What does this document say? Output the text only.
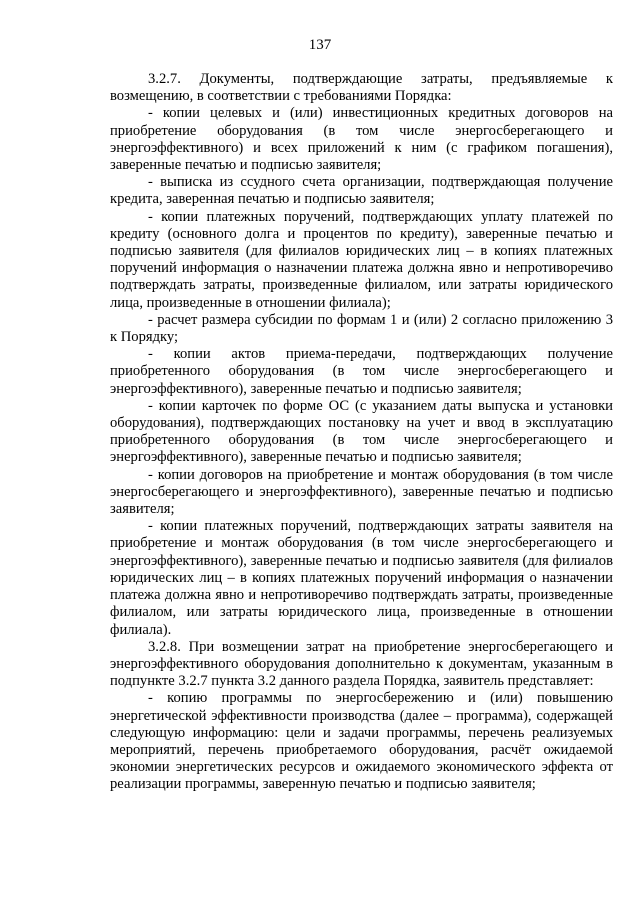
137

3.2.7. Документы, подтверждающие затраты, предъявляемые к возмещению, в соответствии с требованиями Порядка:

- копии целевых и (или) инвестиционных кредитных договоров на приобретение оборудования (в том числе энергосберегающего и энергоэффективного) и всех приложений к ним (с графиком погашения), заверенные печатью и подписью заявителя;

- выписка из ссудного счета организации, подтверждающая получение кредита, заверенная печатью и подписью заявителя;

- копии платежных поручений, подтверждающих уплату платежей по кредиту (основного долга и процентов по кредиту), заверенные печатью и подписью заявителя (для филиалов юридических лиц – в копиях платежных поручений информация о назначении платежа должна явно и непротиворечиво подтверждать затраты, произведенные филиалом, или затраты юридического лица, произведенные в отношении филиала);

- расчет размера субсидии по формам 1 и (или) 2 согласно приложению 3 к Порядку;

- копии актов приема-передачи, подтверждающих получение приобретенного оборудования (в том числе энергосберегающего и энергоэффективного), заверенные печатью и подписью заявителя;

- копии карточек по форме ОС (с указанием даты выпуска и установки оборудования), подтверждающих постановку на учет и ввод в эксплуатацию приобретенного оборудования (в том числе энергосберегающего и энергоэффективного), заверенные печатью и подписью заявителя;

- копии договоров на приобретение и монтаж оборудования (в том числе энергосберегающего и энергоэффективного), заверенные печатью и подписью заявителя;

- копии платежных поручений, подтверждающих затраты заявителя на приобретение и монтаж оборудования (в том числе энергосберегающего и энергоэффективного), заверенные печатью и подписью заявителя (для филиалов юридических лиц – в копиях платежных поручений информация о назначении платежа должна явно и непротиворечиво подтверждать затраты, произведенные филиалом, или затраты юридического лица, произведенные в отношении филиала).

3.2.8. При возмещении затрат на приобретение энергосберегающего и энергоэффективного оборудования дополнительно к документам, указанным в подпункте 3.2.7 пункта 3.2 данного раздела Порядка, заявитель представляет:

- копию программы по энергосбережению и (или) повышению энергетической эффективности производства (далее – программа), содержащей следующую информацию: цели и задачи программы, перечень реализуемых мероприятий, перечень приобретаемого оборудования, расчёт ожидаемой экономии энергетических ресурсов и ожидаемого экономического эффекта от реализации программы, заверенную печатью и подписью заявителя;
